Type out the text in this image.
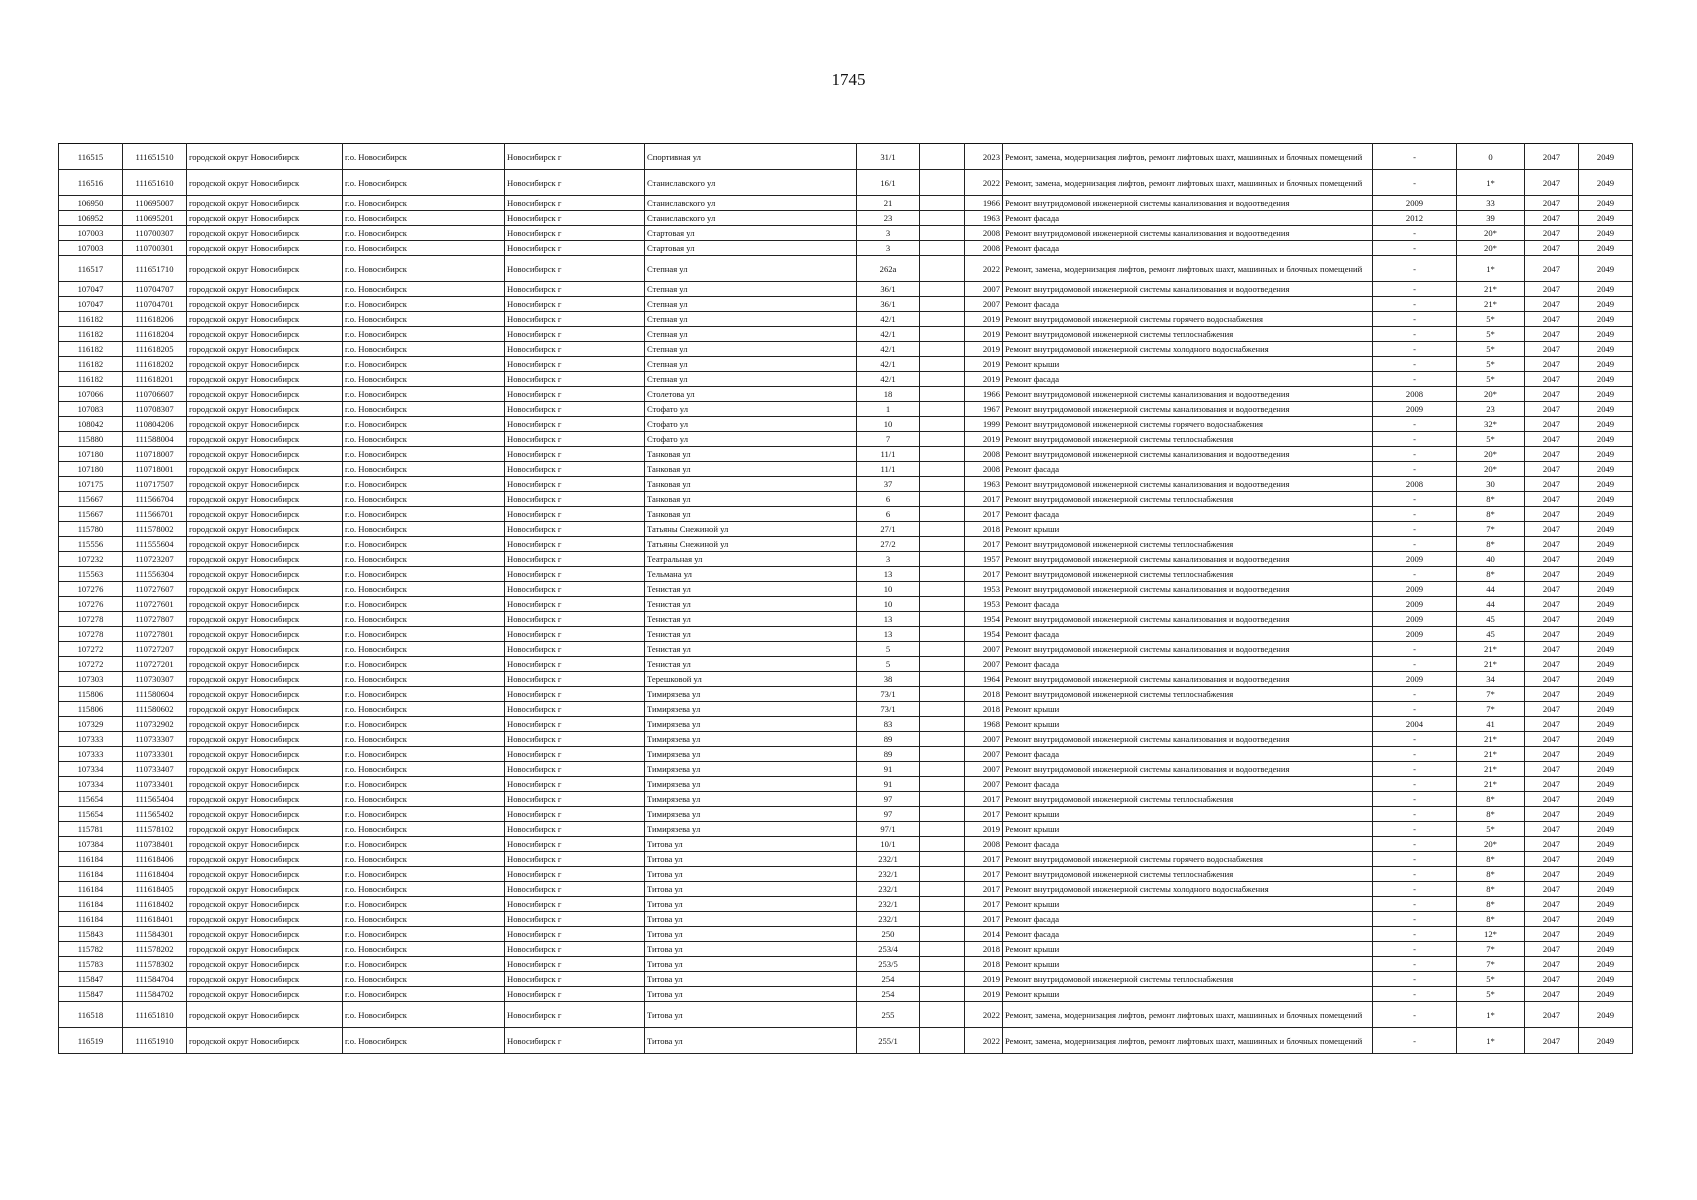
1745
116515	111651510	городской округ Новосибирск	г.о. Новосибирск	Новосибирск г	Спортивная ул	31/1		2023	Ремонт, замена, модернизация лифтов, ремонт лифтовых шахт, машинных и блочных помещений	-	0	2047	2049
116516	111651610	городской округ Новосибирск	г.о. Новосибирск	Новосибирск г	Станиславского ул	16/1		2022	Ремонт, замена, модернизация лифтов, ремонт лифтовых шахт, машинных и блочных помещений	-	1*	2047	2049
106950	110695007	городской округ Новосибирск	г.о. Новосибирск	Новосибирск г	Станиславского ул	21		1966	Ремонт внутридомовой инженерной системы канализования и водоотведения	2009	33	2047	2049
106952	110695201	городской округ Новосибирск	г.о. Новосибирск	Новосибирск г	Станиславского ул	23		1963	Ремонт фасада	2012	39	2047	2049
107003	110700307	городской округ Новосибирск	г.о. Новосибирск	Новосибирск г	Стартовая ул	3		2008	Ремонт внутридомовой инженерной системы канализования и водоотведения	-	20*	2047	2049
107003	110700301	городской округ Новосибирск	г.о. Новосибирск	Новосибирск г	Стартовая ул	3		2008	Ремонт фасада	-	20*	2047	2049
116517	111651710	городской округ Новосибирск	г.о. Новосибирск	Новосибирск г	Степная ул	262а		2022	Ремонт, замена, модернизация лифтов, ремонт лифтовых шахт, машинных и блочных помещений	-	1*	2047	2049
107047	110704707	городской округ Новосибирск	г.о. Новосибирск	Новосибирск г	Степная ул	36/1		2007	Ремонт внутридомовой инженерной системы канализования и водоотведения	-	21*	2047	2049
107047	110704701	городской округ Новосибирск	г.о. Новосибирск	Новосибирск г	Степная ул	36/1		2007	Ремонт фасада	-	21*	2047	2049
116182	111618206	городской округ Новосибирск	г.о. Новосибирск	Новосибирск г	Степная ул	42/1		2019	Ремонт внутридомовой инженерной системы горячего водоснабжения	-	5*	2047	2049
116182	111618204	городской округ Новосибирск	г.о. Новосибирск	Новосибирск г	Степная ул	42/1		2019	Ремонт внутридомовой инженерной системы теплоснабжения	-	5*	2047	2049
116182	111618205	городской округ Новосибирск	г.о. Новосибирск	Новосибирск г	Степная ул	42/1		2019	Ремонт внутридомовой инженерной системы холодного водоснабжения	-	5*	2047	2049
116182	111618202	городской округ Новосибирск	г.о. Новосибирск	Новосибирск г	Степная ул	42/1		2019	Ремонт крыши	-	5*	2047	2049
116182	111618201	городской округ Новосибирск	г.о. Новосибирск	Новосибирск г	Степная ул	42/1		2019	Ремонт фасада	-	5*	2047	2049
107066	110706607	городской округ Новосибирск	г.о. Новосибирск	Новосибирск г	Столетова ул	18		1966	Ремонт внутридомовой инженерной системы канализования и водоотведения	2008	20*	2047	2049
107083	110708307	городской округ Новосибирск	г.о. Новосибирск	Новосибирск г	Стофато ул	1		1967	Ремонт внутридомовой инженерной системы канализования и водоотведения	2009	23	2047	2049
108042	110804206	городской округ Новосибирск	г.о. Новосибирск	Новосибирск г	Стофато ул	10		1999	Ремонт внутридомовой инженерной системы горячего водоснабжения	-	32*	2047	2049
115880	111588004	городской округ Новосибирск	г.о. Новосибирск	Новосибирск г	Стофато ул	7		2019	Ремонт внутридомовой инженерной системы теплоснабжения	-	5*	2047	2049
107180	110718007	городской округ Новосибирск	г.о. Новосибирск	Новосибирск г	Танковая ул	11/1		2008	Ремонт внутридомовой инженерной системы канализования и водоотведения	-	20*	2047	2049
107180	110718001	городской округ Новосибирск	г.о. Новосибирск	Новосибирск г	Танковая ул	11/1		2008	Ремонт фасада	-	20*	2047	2049
107175	110717507	городской округ Новосибирск	г.о. Новосибирск	Новосибирск г	Танковая ул	37		1963	Ремонт внутридомовой инженерной системы канализования и водоотведения	2008	30	2047	2049
115667	111566704	городской округ Новосибирск	г.о. Новосибирск	Новосибирск г	Танковая ул	6		2017	Ремонт внутридомовой инженерной системы теплоснабжения	-	8*	2047	2049
115667	111566701	городской округ Новосибирск	г.о. Новосибирск	Новосибирск г	Танковая ул	6		2017	Ремонт фасада	-	8*	2047	2049
115780	111578002	городской округ Новосибирск	г.о. Новосибирск	Новосибирск г	Татьяны Снежиной ул	27/1		2018	Ремонт крыши	-	7*	2047	2049
115556	111555604	городской округ Новосибирск	г.о. Новосибирск	Новосибирск г	Татьяны Снежиной ул	27/2		2017	Ремонт внутридомовой инженерной системы теплоснабжения	-	8*	2047	2049
107232	110723207	городской округ Новосибирск	г.о. Новосибирск	Новосибирск г	Театральная ул	3		1957	Ремонт внутридомовой инженерной системы канализования и водоотведения	2009	40	2047	2049
115563	111556304	городской округ Новосибирск	г.о. Новосибирск	Новосибирск г	Тельмана ул	13		2017	Ремонт внутридомовой инженерной системы теплоснабжения	-	8*	2047	2049
107276	110727607	городской округ Новосибирск	г.о. Новосибирск	Новосибирск г	Тенистая ул	10		1953	Ремонт внутридомовой инженерной системы канализования и водоотведения	2009	44	2047	2049
107276	110727601	городской округ Новосибирск	г.о. Новосибирск	Новосибирск г	Тенистая ул	10		1953	Ремонт фасада	2009	44	2047	2049
107278	110727807	городской округ Новосибирск	г.о. Новосибирск	Новосибирск г	Тенистая ул	13		1954	Ремонт внутридомовой инженерной системы канализования и водоотведения	2009	45	2047	2049
107278	110727801	городской округ Новосибирск	г.о. Новосибирск	Новосибирск г	Тенистая ул	13		1954	Ремонт фасада	2009	45	2047	2049
107272	110727207	городской округ Новосибирск	г.о. Новосибирск	Новосибирск г	Тенистая ул	5		2007	Ремонт внутридомовой инженерной системы канализования и водоотведения	-	21*	2047	2049
107272	110727201	городской округ Новосибирск	г.о. Новосибирск	Новосибирск г	Тенистая ул	5		2007	Ремонт фасада	-	21*	2047	2049
107303	110730307	городской округ Новосибирск	г.о. Новосибирск	Новосибирск г	Терешковой ул	38		1964	Ремонт внутридомовой инженерной системы канализования и водоотведения	2009	34	2047	2049
115806	111580604	городской округ Новосибирск	г.о. Новосибирск	Новосибирск г	Тимирязева ул	73/1		2018	Ремонт внутридомовой инженерной системы теплоснабжения	-	7*	2047	2049
115806	111580602	городской округ Новосибирск	г.о. Новосибирск	Новосибирск г	Тимирязева ул	73/1		2018	Ремонт крыши	-	7*	2047	2049
107329	110732902	городской округ Новосибирск	г.о. Новосибирск	Новосибирск г	Тимирязева ул	83		1968	Ремонт крыши	2004	41	2047	2049
107333	110733307	городской округ Новосибирск	г.о. Новосибирск	Новосибирск г	Тимирязева ул	89		2007	Ремонт внутридомовой инженерной системы канализования и водоотведения	-	21*	2047	2049
107333	110733301	городской округ Новосибирск	г.о. Новосибирск	Новосибирск г	Тимирязева ул	89		2007	Ремонт фасада	-	21*	2047	2049
107334	110733407	городской округ Новосибирск	г.о. Новосибирск	Новосибирск г	Тимирязева ул	91		2007	Ремонт внутридомовой инженерной системы канализования и водоотведения	-	21*	2047	2049
107334	110733401	городской округ Новосибирск	г.о. Новосибирск	Новосибирск г	Тимирязева ул	91		2007	Ремонт фасада	-	21*	2047	2049
115654	111565404	городской округ Новосибирск	г.о. Новосибирск	Новосибирск г	Тимирязева ул	97		2017	Ремонт внутридомовой инженерной системы теплоснабжения	-	8*	2047	2049
115654	111565402	городской округ Новосибирск	г.о. Новосибирск	Новосибирск г	Тимирязева ул	97		2017	Ремонт крыши	-	8*	2047	2049
115781	111578102	городской округ Новосибирск	г.о. Новосибирск	Новосибирск г	Тимирязева ул	97/1		2019	Ремонт крыши	-	5*	2047	2049
107384	110738401	городской округ Новосибирск	г.о. Новосибирск	Новосибирск г	Титова ул	10/1		2008	Ремонт фасада	-	20*	2047	2049
116184	111618406	городской округ Новосибирск	г.о. Новосибирск	Новосибирск г	Титова ул	232/1		2017	Ремонт внутридомовой инженерной системы горячего водоснабжения	-	8*	2047	2049
116184	111618404	городской округ Новосибирск	г.о. Новосибирск	Новосибирск г	Титова ул	232/1		2017	Ремонт внутридомовой инженерной системы теплоснабжения	-	8*	2047	2049
116184	111618405	городской округ Новосибирск	г.о. Новосибирск	Новосибирск г	Титова ул	232/1		2017	Ремонт внутридомовой инженерной системы холодного водоснабжения	-	8*	2047	2049
116184	111618402	городской округ Новосибирск	г.о. Новосибирск	Новосибирск г	Титова ул	232/1		2017	Ремонт крыши	-	8*	2047	2049
116184	111618401	городской округ Новосибирск	г.о. Новосибирск	Новосибирск г	Титова ул	232/1		2017	Ремонт фасада	-	8*	2047	2049
115843	111584301	городской округ Новосибирск	г.о. Новосибирск	Новосибирск г	Титова ул	250		2014	Ремонт фасада	-	12*	2047	2049
115782	111578202	городской округ Новосибирск	г.о. Новосибирск	Новосибирск г	Титова ул	253/4		2018	Ремонт крыши	-	7*	2047	2049
115783	111578302	городской округ Новосибирск	г.о. Новосибирск	Новосибирск г	Титова ул	253/5		2018	Ремонт крыши	-	7*	2047	2049
115847	111584704	городской округ Новосибирск	г.о. Новосибирск	Новосибирск г	Титова ул	254		2019	Ремонт внутридомовой инженерной системы теплоснабжения	-	5*	2047	2049
115847	111584702	городской округ Новосибирск	г.о. Новосибирск	Новосибирск г	Титова ул	254		2019	Ремонт крыши	-	5*	2047	2049
116518	111651810	городской округ Новосибирск	г.о. Новосибирск	Новосибирск г	Титова ул	255		2022	Ремонт, замена, модернизация лифтов, ремонт лифтовых шахт, машинных и блочных помещений	-	1*	2047	2049
116519	111651910	городской округ Новосибирск	г.о. Новосибирск	Новосибирск г	Титова ул	255/1		2022	Ремонт, замена, модернизация лифтов, ремонт лифтовых шахт, машинных и блочных помещений	-	1*	2047	2049
